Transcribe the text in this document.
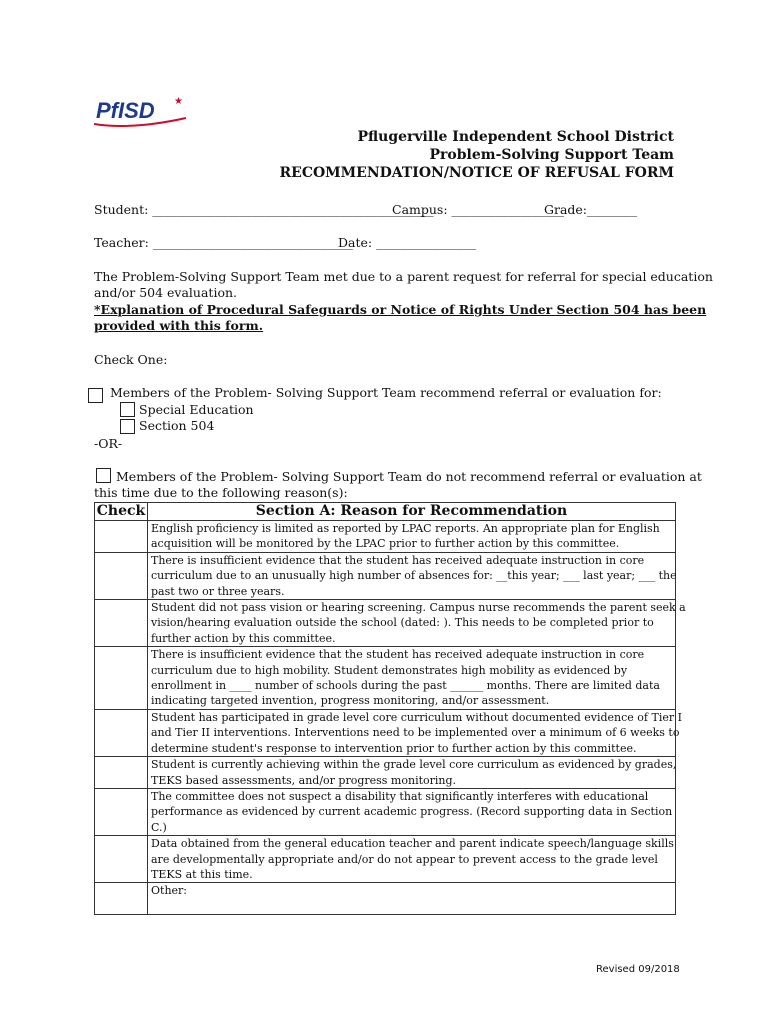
PfISD ★
Pflugerville Independent School District
Problem-Solving Support Team
RECOMMENDATION/NOTICE OF REFUSAL FORM
Student: _____________________________________________
Campus: __________________
Grade:________
Teacher: ________________________________
Date: ________________
The Problem-Solving Support Team met due to a parent request for referral for special education
and/or 504 evaluation.
*Explanation of Procedural Safeguards or Notice of Rights Under Section 504 has been
provided with this form.
Check One:
Members of the Problem- Solving Support Team recommend referral or evaluation for:
Special Education
Section 504
-OR-
Members of the Problem- Solving Support Team do not recommend referral or evaluation at
this time due to the following reason(s):
Check	Section A: Reason for Recommendation

	English proficiency is limited as reported by LPAC reports. An appropriate plan for English
acquisition will be monitored by the LPAC prior to further action by this committee.

	There is insufficient evidence that the student has received adequate instruction in core
curriculum due to an unusually high number of absences for: __this year; ___ last year; ___ the
past two or three years.

	Student did not pass vision or hearing screening. Campus nurse recommends the parent seek a
vision/hearing evaluation outside the school (dated: ). This needs to be completed prior to
further action by this committee.

	There is insufficient evidence that the student has received adequate instruction in core
curriculum due to high mobility. Student demonstrates high mobility as evidenced by
enrollment in ____ number of schools during the past ______ months. There are limited data
indicating targeted invention, progress monitoring, and/or assessment.

	Student has participated in grade level core curriculum without documented evidence of Tier I
and Tier II interventions. Interventions need to be implemented over a minimum of 6 weeks to
determine student's response to intervention prior to further action by this committee.

	Student is currently achieving within the grade level core curriculum as evidenced by grades,
TEKS based assessments, and/or progress monitoring.

	The committee does not suspect a disability that significantly interferes with educational
performance as evidenced by current academic progress. (Record supporting data in Section
C.)

	Data obtained from the general education teacher and parent indicate speech/language skills
are developmentally appropriate and/or do not appear to prevent access to the grade level
TEKS at this time.

	Other:
Revised 09/2018
